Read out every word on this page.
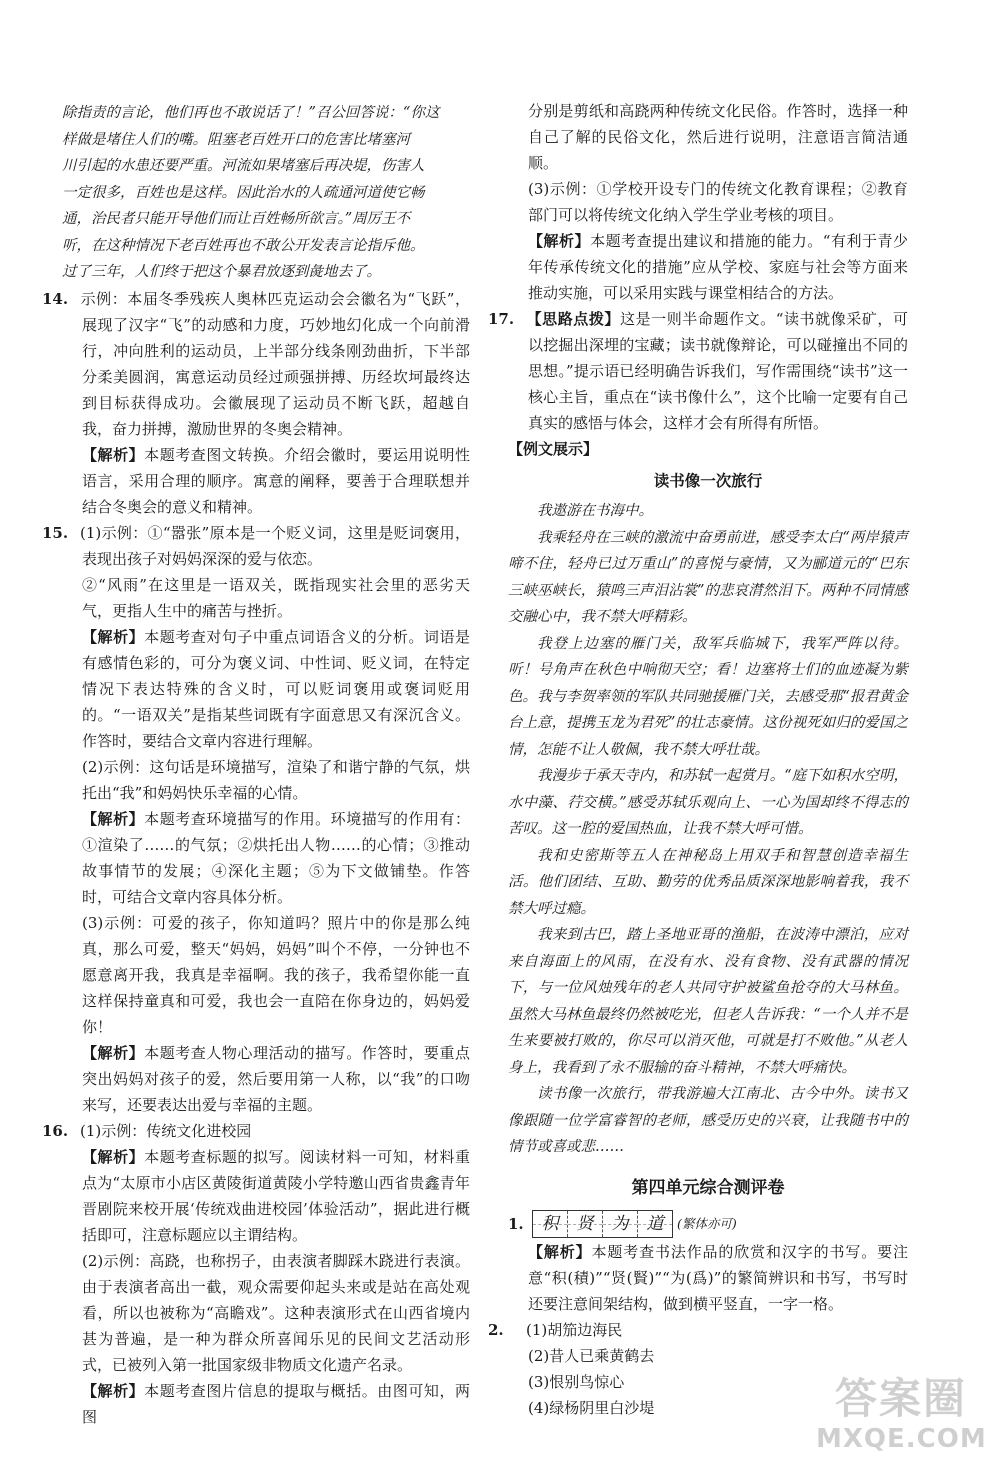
除指责的言论，他们再也不敢说话了！”召公回答说：“你这
样做是堵住人们的嘴。阻塞老百姓开口的危害比堵塞河
川引起的水患还要严重。河流如果堵塞后再决堤，伤害人
一定很多，百姓也是这样。因此治水的人疏通河道使它畅
通，治民者只能开导他们而让百姓畅所欲言。”周厉王不
听，在这种情况下老百姓再也不敢公开发表言论指斥他。
过了三年，人们终于把这个暴君放逐到彘地去了。

14. 示例：本届冬季残疾人奥林匹克运动会会徽名为“飞跃”，展现了汉字“飞”的动感和力度，巧妙地幻化成一个向前滑行，冲向胜利的运动员，上半部分线条刚劲曲折，下半部分柔美圆润，寓意运动员经过顽强拼搏、历经坎坷最终达到目标获得成功。会徽展现了运动员不断飞跃，超越自我，奋力拼搏，激励世界的冬奥会精神。

【解析】本题考查图文转换。介绍会徽时，要运用说明性语言，采用合理的顺序。寓意的阐释，要善于合理联想并结合冬奥会的意义和精神。

15. (1)示例：①“嚣张”原本是一个贬义词，这里是贬词褒用，表现出孩子对妈妈深深的爱与依恋。

②“风雨”在这里是一语双关，既指现实社会里的恶劣天气，更指人生中的痛苦与挫折。

【解析】本题考查对句子中重点词语含义的分析。词语是有感情色彩的，可分为褒义词、中性词、贬义词，在特定情况下表达特殊的含义时，可以贬词褒用或褒词贬用的。“一语双关”是指某些词既有字面意思又有深沉含义。作答时，要结合文章内容进行理解。

(2)示例：这句话是环境描写，渲染了和谐宁静的气氛，烘托出“我”和妈妈快乐幸福的心情。

【解析】本题考查环境描写的作用。环境描写的作用有：①渲染了……的气氛；②烘托出人物……的心情；③推动故事情节的发展；④深化主题；⑤为下文做铺垫。作答时，可结合文章内容具体分析。

(3)示例：可爱的孩子，你知道吗？照片中的你是那么纯真，那么可爱，整天“妈妈，妈妈”叫个不停，一分钟也不愿意离开我，我真是幸福啊。我的孩子，我希望你能一直这样保持童真和可爱，我也会一直陪在你身边的，妈妈爱你！

【解析】本题考查人物心理活动的描写。作答时，要重点突出妈妈对孩子的爱，然后要用第一人称，以“我”的口吻来写，还要表达出爱与幸福的主题。

16. (1)示例：传统文化进校园

【解析】本题考查标题的拟写。阅读材料一可知，材料重点为“太原市小店区黄陵街道黄陵小学特邀山西省贵鑫青年晋剧院来校开展‘传统戏曲进校园’体验活动”，据此进行概括即可，注意标题应以主谓结构。

(2)示例：高跷，也称拐子，由表演者脚踩木跷进行表演。由于表演者高出一截，观众需要仰起头来或是站在高处观看，所以也被称为“高瞻戏”。这种表演形式在山西省境内甚为普遍，是一种为群众所喜闻乐见的民间文艺活动形式，已被列入第一批国家级非物质文化遗产名录。

【解析】本题考查图片信息的提取与概括。由图可知，两图

分别是剪纸和高跷两种传统文化民俗。作答时，选择一种自己了解的民俗文化，然后进行说明，注意语言简洁通顺。

(3)示例：①学校开设专门的传统文化教育课程；②教育部门可以将传统文化纳入学生学业考核的项目。

【解析】本题考查提出建议和措施的能力。“有利于青少年传承传统文化的措施”应从学校、家庭与社会等方面来推动实施，可以采用实践与课堂相结合的方法。

17. 【思路点拨】这是一则半命题作文。“读书就像采矿，可以挖掘出深埋的宝藏；读书就像辩论，可以碰撞出不同的思想。”提示语已经明确告诉我们，写作需围绕“读书”这一核心主旨，重点在“读书像什么”，这个比喻一定要有自己真实的感悟与体会，这样才会有所得有所悟。

【例文展示】

读书像一次旅行

我遨游在书海中。

我乘轻舟在三峡的激流中奋勇前进，感受李太白“两岸猿声啼不住，轻舟已过万重山”的喜悦与豪情，又为郦道元的“巴东三峡巫峡长，猿鸣三声泪沾裳”的悲哀潸然泪下。两种不同情感交融心中，我不禁大呼精彩。

我登上边塞的雁门关，敌军兵临城下，我军严阵以待。听！号角声在秋色中响彻天空；看！边塞将士们的血迹凝为紫色。我与李贺率领的军队共同驰援雁门关，去感受那“报君黄金台上意，提携玉龙为君死”的壮志豪情。这份视死如归的爱国之情，怎能不让人敬佩，我不禁大呼壮哉。

我漫步于承天寺内，和苏轼一起赏月。“庭下如积水空明，水中藻、荇交横。”感受苏轼乐观向上、一心为国却终不得志的苦叹。这一腔的爱国热血，让我不禁大呼可惜。

我和史密斯等五人在神秘岛上用双手和智慧创造幸福生活。他们团结、互助、勤劳的优秀品质深深地影响着我，我不禁大呼过瘾。

我来到古巴，踏上圣地亚哥的渔船，在波涛中漂泊，应对来自海面上的风雨，在没有水、没有食物、没有武器的情况下，与一位风烛残年的老人共同守护被鲨鱼抢夺的大马林鱼。虽然大马林鱼最终仍然被吃光，但老人告诉我：“一个人并不是生来要被打败的，你尽可以消灭他，可就是打不败他。”从老人身上，我看到了永不服输的奋斗精神，不禁大呼痛快。

读书像一次旅行，带我游遍大江南北、古今中外。读书又像跟随一位学富睿智的老师，感受历史的兴衰，让我随书中的情节或喜或悲……

第四单元综合测评卷
1.	积	贤	为	道	(繁体亦可)

【解析】本题考查书法作品的欣赏和汉字的书写。要注意“积(積)”“贤(賢)”“为(爲)”的繁简辨识和书写，书写时还要注意间架结构，做到横平竖直，一字一格。

2. (1)胡笳边海民

(2)昔人已乘黄鹤去

(3)恨别鸟惊心

(4)绿杨阴里白沙堤	答案圈
MXQE.COM
